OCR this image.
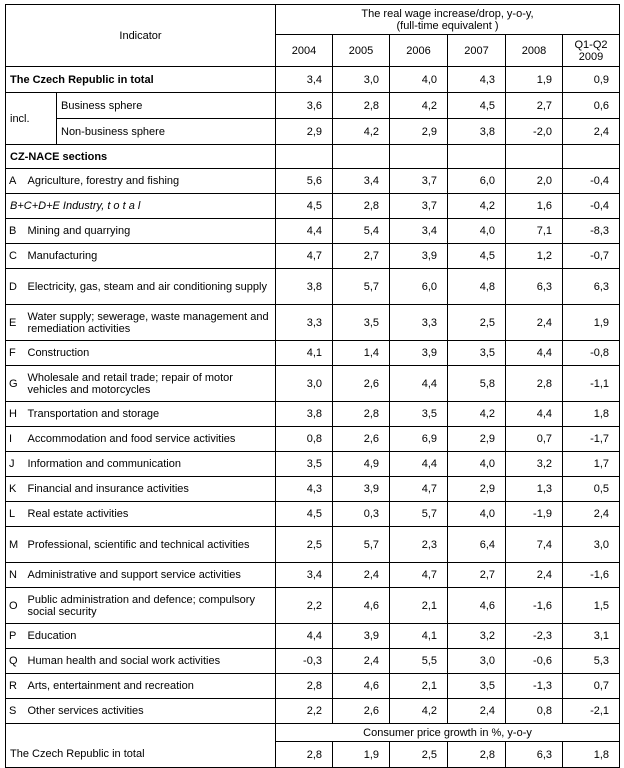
Indicator			The real wage increase/drop, y-o-y,
(full-time equivalent )					

			2004	2005	2006	2007	2008	Q1-Q2 2009
The Czech Republic in total			3,4	3,0	4,0	4,3	1,9	0,9
incl.		Business sphere	3,6	2,8	4,2	4,5	2,7	0,6
		Non-business sphere	2,9	4,2	2,9	3,8	-2,0	2,4
CZ-NACE sections								
A	Agriculture, forestry and fishing		5,6	3,4	3,7	6,0	2,0	-0,4
B+C+D+E Industry, t o t a l			4,5	2,8	3,7	4,2	1,6	-0,4
B	Mining and quarrying		4,4	5,4	3,4	4,0	7,1	-8,3
C	Manufacturing		4,7	2,7	3,9	4,5	1,2	-0,7
D	Electricity, gas, steam and air conditioning supply		3,8	5,7	6,0	4,8	6,3	6,3
E	Water supply; sewerage, waste management and remediation activities		3,3	3,5	3,3	2,5	2,4	1,9
F	Construction		4,1	1,4	3,9	3,5	4,4	-0,8
G	Wholesale and retail trade; repair of motor vehicles and motorcycles		3,0	2,6	4,4	5,8	2,8	-1,1
H	Transportation and storage		3,8	2,8	3,5	4,2	4,4	1,8
I	Accommodation and food service activities		0,8	2,6	6,9	2,9	0,7	-1,7
J	Information and communication		3,5	4,9	4,4	4,0	3,2	1,7
K	Financial and insurance activities		4,3	3,9	4,7	2,9	1,3	0,5
L	Real estate activities		4,5	0,3	5,7	4,0	-1,9	2,4
M	Professional, scientific and technical activities		2,5	5,7	2,3	6,4	7,4	3,0
N	Administrative and support service activities		3,4	2,4	4,7	2,7	2,4	-1,6
O	Public administration and defence; compulsory social security		2,2	4,6	2,1	4,6	-1,6	1,5
P	Education		4,4	3,9	4,1	3,2	-2,3	3,1
Q	Human health and social work activities		-0,3	2,4	5,5	3,0	-0,6	5,3
R	Arts, entertainment and recreation		2,8	4,6	2,1	3,5	-1,3	0,7
S	Other services activities		2,2	2,6	4,2	2,4	0,8	-2,1
			Consumer price growth in %, y-o-y					
The Czech Republic in total			2,8	1,9	2,5	2,8	6,3	1,8
